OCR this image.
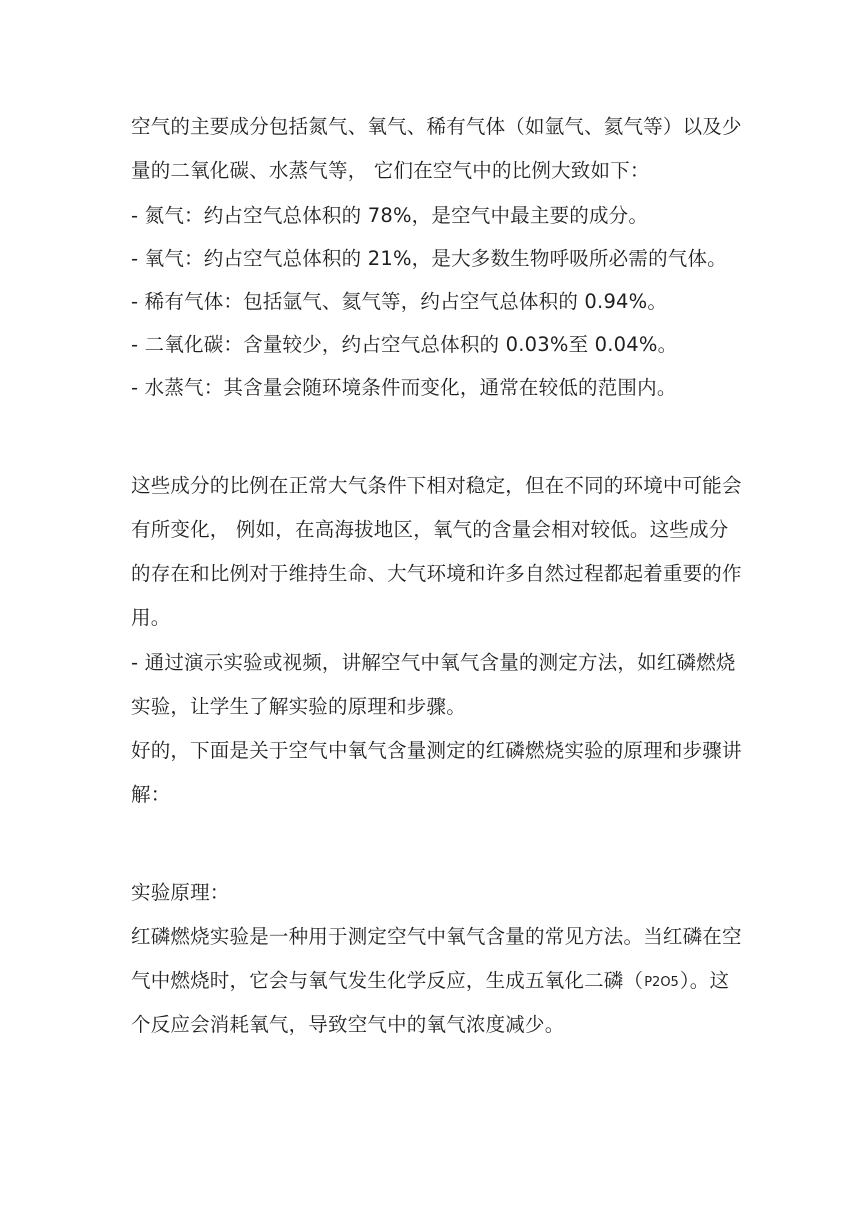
空气的主要成分包括氮气、氧气、稀有气体（如氩气、氦气等）以及少
量的二氧化碳、水蒸气等， 它们在空气中的比例大致如下：
- 氮气：约占空气总体积的 78%，是空气中最主要的成分。
- 氧气：约占空气总体积的 21%，是大多数生物呼吸所必需的气体。
- 稀有气体：包括氩气、氦气等，约占空气总体积的 0.94%。
- 二氧化碳：含量较少，约占空气总体积的 0.03%至 0.04%。
- 水蒸气：其含量会随环境条件而变化，通常在较低的范围内。
这些成分的比例在正常大气条件下相对稳定，但在不同的环境中可能会
有所变化， 例如，在高海拔地区，氧气的含量会相对较低。这些成分
的存在和比例对于维持生命、大气环境和许多自然过程都起着重要的作
用。
- 通过演示实验或视频，讲解空气中氧气含量的测定方法，如红磷燃烧
实验，让学生了解实验的原理和步骤。
好的，下面是关于空气中氧气含量测定的红磷燃烧实验的原理和步骤讲
解：
实验原理：
红磷燃烧实验是一种用于测定空气中氧气含量的常见方法。当红磷在空
气中燃烧时，它会与氧气发生化学反应，生成五氧化二磷（P2O5）。这
个反应会消耗氧气，导致空气中的氧气浓度减少。
